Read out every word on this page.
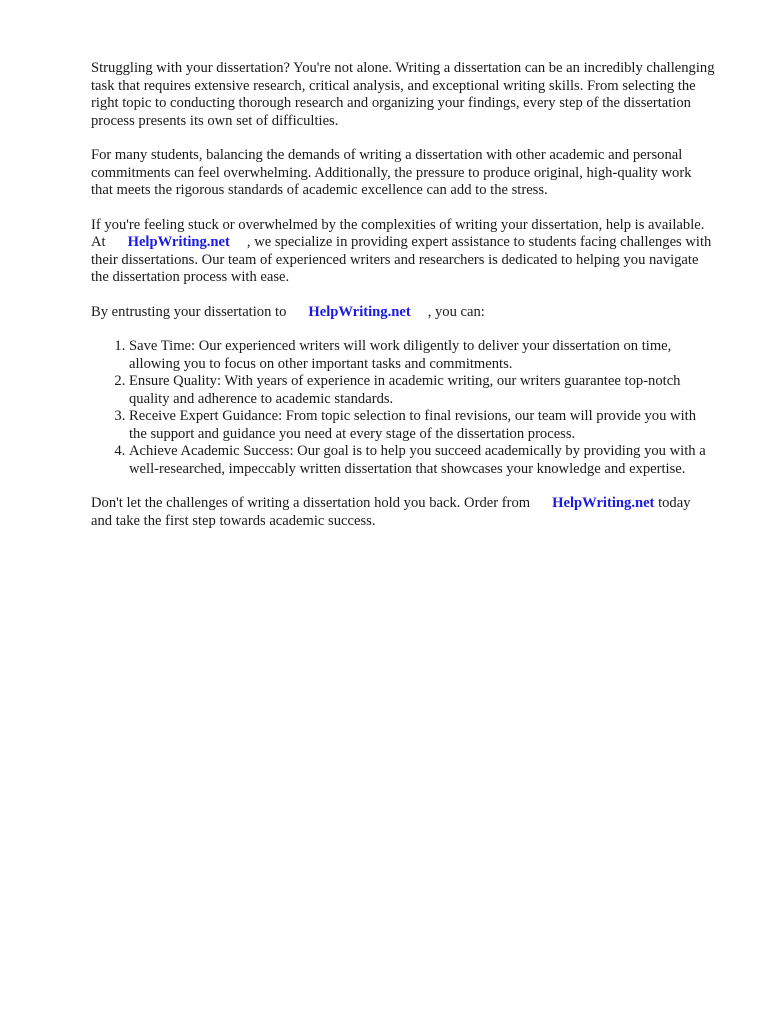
Struggling with your dissertation? You're not alone. Writing a dissertation can be an incredibly challenging task that requires extensive research, critical analysis, and exceptional writing skills. From selecting the right topic to conducting thorough research and organizing your findings, every step of the dissertation process presents its own set of difficulties.

For many students, balancing the demands of writing a dissertation with other academic and personal commitments can feel overwhelming. Additionally, the pressure to produce original, high-quality work that meets the rigorous standards of academic excellence can add to the stress.

If you're feeling stuck or overwhelmed by the complexities of writing your dissertation, help is available. At HelpWriting.net , we specialize in providing expert assistance to students facing challenges with their dissertations. Our team of experienced writers and researchers is dedicated to helping you navigate the dissertation process with ease.

By entrusting your dissertation to HelpWriting.net , you can:

1. Save Time: Our experienced writers will work diligently to deliver your dissertation on time, allowing you to focus on other important tasks and commitments.
2. Ensure Quality: With years of experience in academic writing, our writers guarantee top-notch quality and adherence to academic standards.
3. Receive Expert Guidance: From topic selection to final revisions, our team will provide you with the support and guidance you need at every stage of the dissertation process.
4. Achieve Academic Success: Our goal is to help you succeed academically by providing you with a well-researched, impeccably written dissertation that showcases your knowledge and expertise.

Don't let the challenges of writing a dissertation hold you back. Order from HelpWriting.net today and take the first step towards academic success.
